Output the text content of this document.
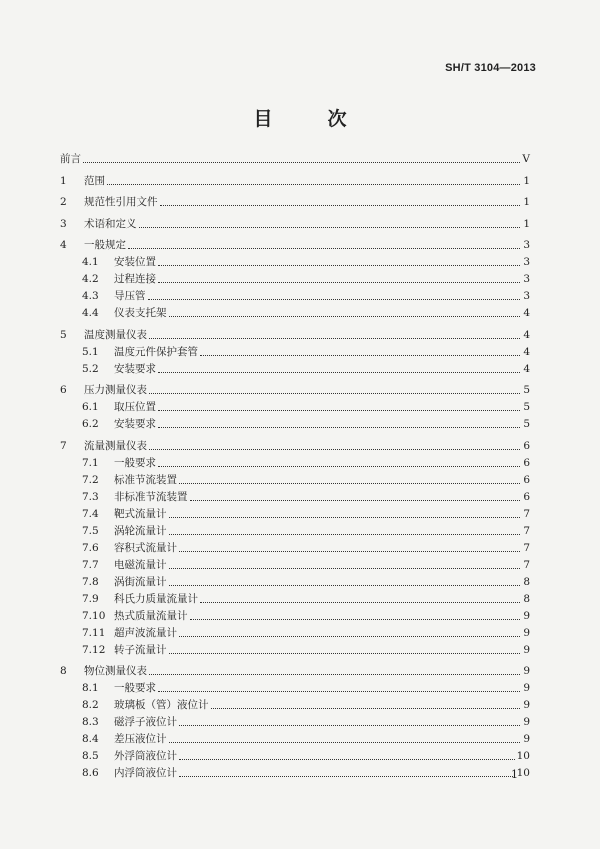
SH/T 3104—2013
目　次
前言	V
1	范围	1
2	规范性引用文件	1
3	术语和定义	1
4	一般规定	3
4.1	安装位置	3
4.2	过程连接	3
4.3	导压管	3
4.4	仪表支托架	4
5	温度测量仪表	4
5.1	温度元件保护套管	4
5.2	安装要求	4
6	压力测量仪表	5
6.1	取压位置	5
6.2	安装要求	5
7	流量测量仪表	6
7.1	一般要求	6
7.2	标准节流装置	6
7.3	非标准节流装置	6
7.4	靶式流量计	7
7.5	涡轮流量计	7
7.6	容积式流量计	7
7.7	电磁流量计	7
7.8	涡街流量计	8
7.9	科氏力质量流量计	8
7.10 热式质量流量计	9
7.11 超声波流量计	9
7.12 转子流量计	9
8	物位测量仪表	9
8.1	一般要求	9
8.2	玻璃板（管）液位计	9
8.3	磁浮子液位计	9
8.4	差压液位计	9
8.5	外浮筒液位计	10
8.6	内浮筒液位计	10
1
